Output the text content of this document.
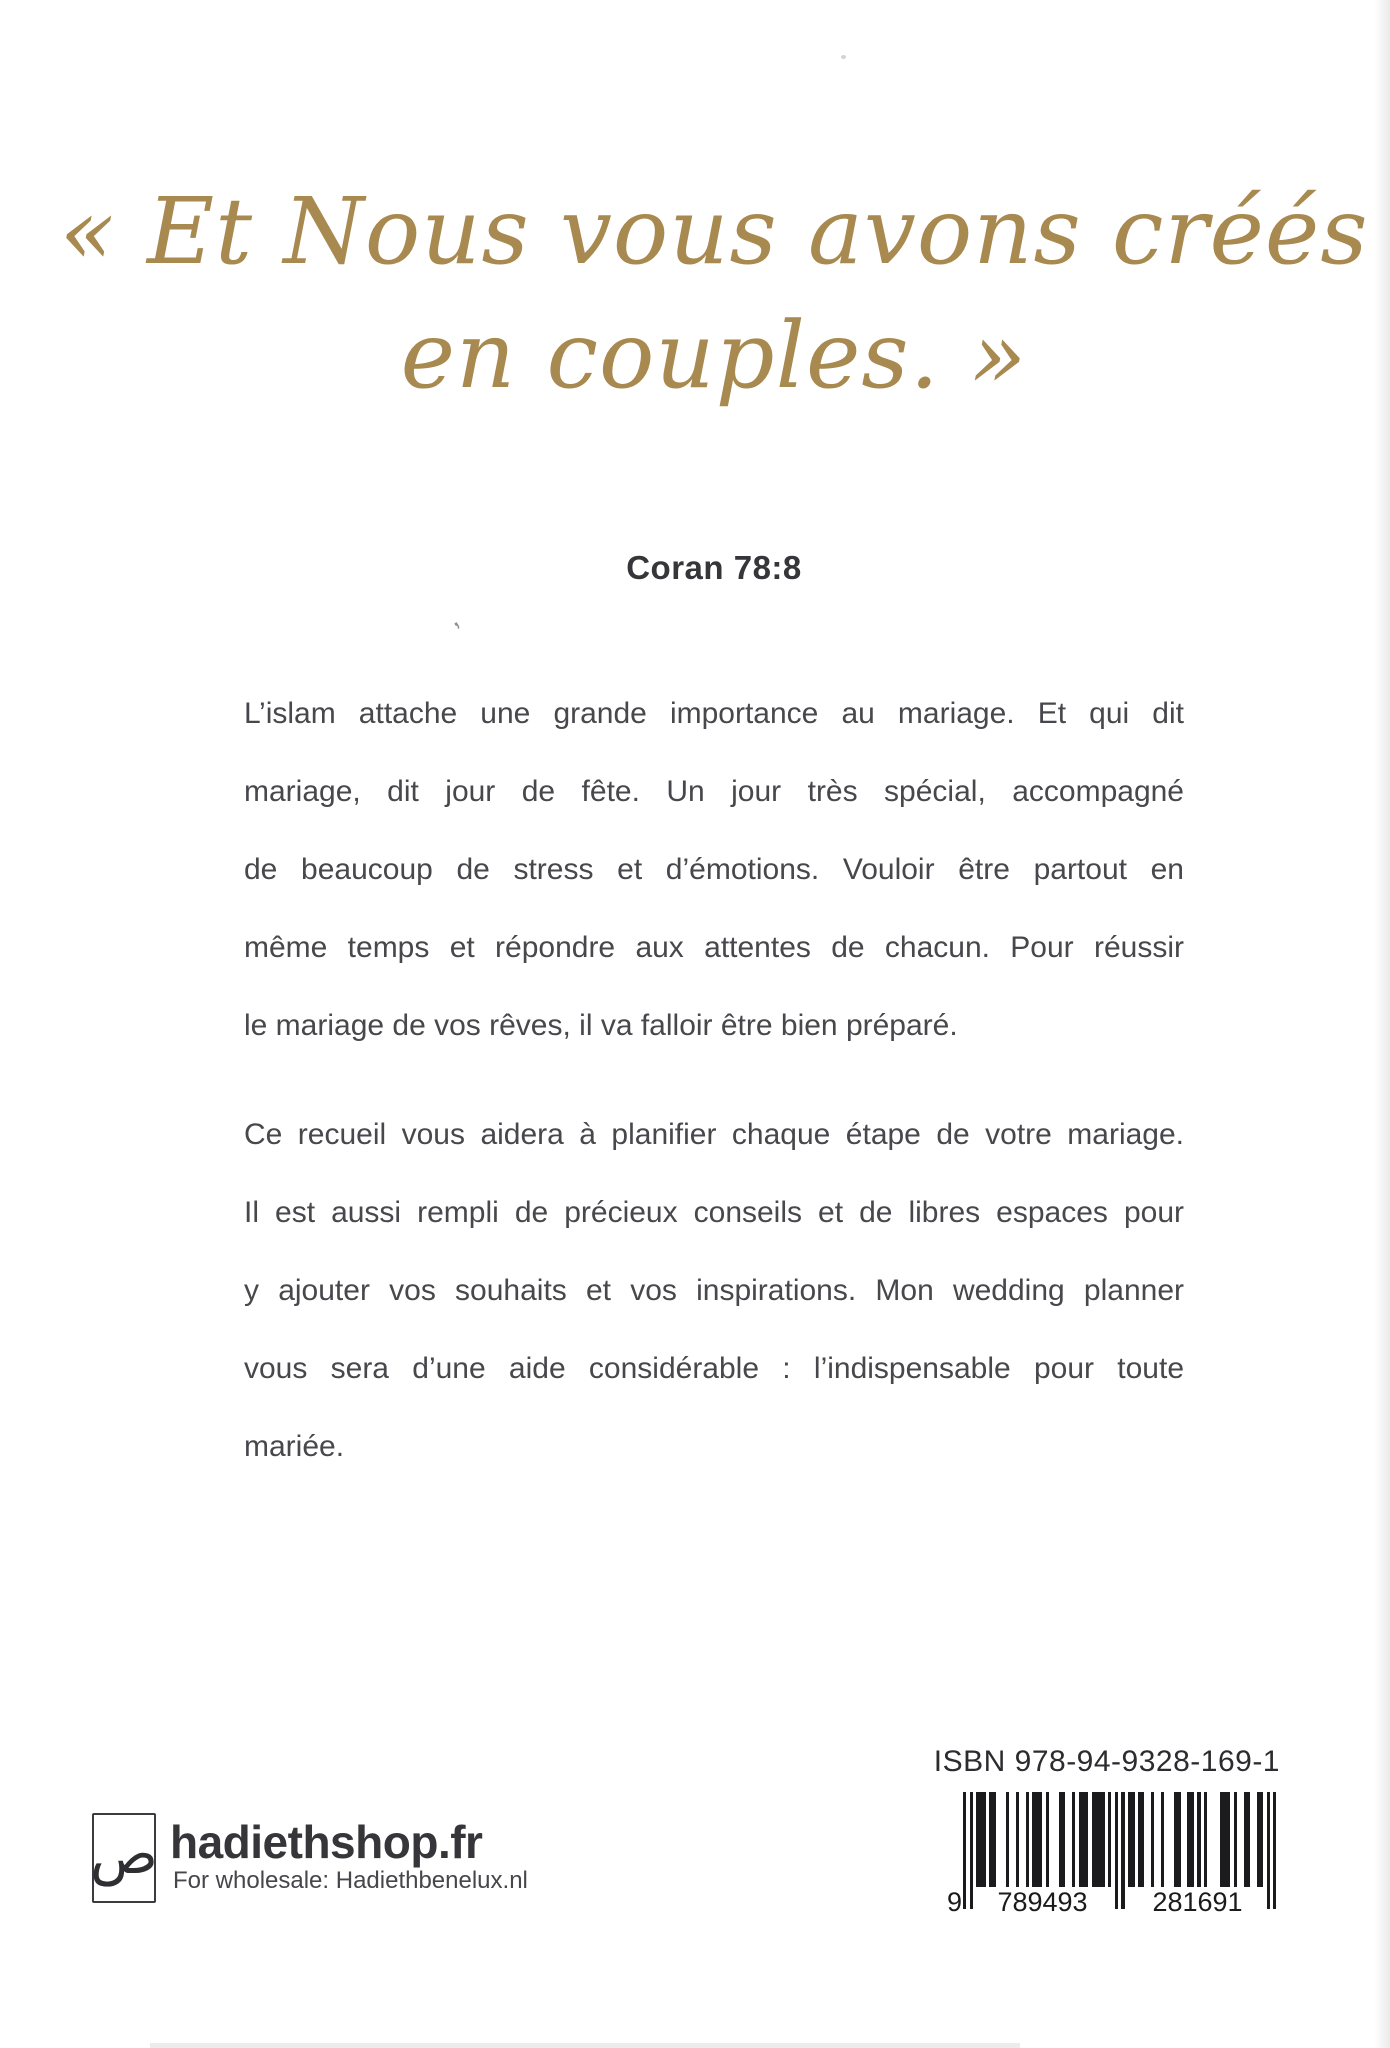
« Et Nous vous avons créés
en couples. »
Coran 78:8
,
L’islam attache une grande importance au mariage. Et qui dit
mariage, dit jour de fête. Un jour très spécial, accompagné
de beaucoup de stress et d’émotions. Vouloir être partout en
même temps et répondre aux attentes de chacun. Pour réussir
le mariage de vos rêves, il va falloir être bien préparé.
Ce recueil vous aidera à planifier chaque étape de votre mariage.
Il est aussi rempli de précieux conseils et de libres espaces pour
y ajouter vos souhaits et vos inspirations. Mon wedding planner
vous sera d’une aide considérable : l’indispensable pour toute
mariée.
ص hadiethshop.fr
For wholesale: Hadiethbenelux.nl
ISBN 978-94-9328-169-1
9	789493	281691
